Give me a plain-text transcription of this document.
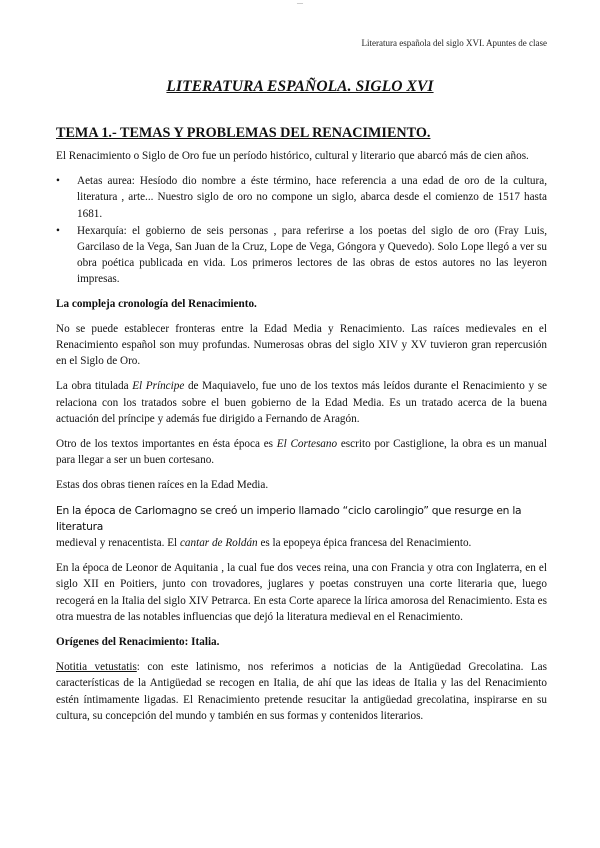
—
Literatura española del siglo XVI. Apuntes de clase
LITERATURA ESPAÑOLA. SIGLO XVI
TEMA 1.- TEMAS Y PROBLEMAS DEL RENACIMIENTO.

El Renacimiento o Siglo de Oro fue un período histórico, cultural y literario que abarcó más de cien años.

• Aetas aurea: Hesíodo dio nombre a éste término, hace referencia a una edad de oro de la cultura, literatura , arte... Nuestro siglo de oro no compone un siglo, abarca desde el comienzo de 1517 hasta 1681.
• Hexarquía: el gobierno de seis personas , para referirse a los poetas del siglo de oro (Fray Luis, Garcilaso de la Vega, San Juan de la Cruz, Lope de Vega, Góngora y Quevedo). Solo Lope llegó a ver su obra poética publicada en vida. Los primeros lectores de las obras de estos autores no las leyeron impresas.

La compleja cronología del Renacimiento.

No se puede establecer fronteras entre la Edad Media y Renacimiento. Las raíces medievales en el Renacimiento español son muy profundas. Numerosas obras del siglo XIV y XV tuvieron gran repercusión en el Siglo de Oro.

La obra titulada El Príncipe de Maquiavelo, fue uno de los textos más leídos durante el Renacimiento y se relaciona con los tratados sobre el buen gobierno de la Edad Media. Es un tratado acerca de la buena actuación del príncipe y además fue dirigido a Fernando de Aragón.

Otro de los textos importantes en ésta época es El Cortesano escrito por Castiglione, la obra es un manual para llegar a ser un buen cortesano.

Estas dos obras tienen raíces en la Edad Media.

En la época de Carlomagno se creó un imperio llamado “ciclo carolingio” que resurge en la literatura
medieval y renacentista. El cantar de Roldán es la epopeya épica francesa del Renacimiento.

En la época de Leonor de Aquitania , la cual fue dos veces reina, una con Francia y otra con Inglaterra, en el siglo XII en Poitiers, junto con trovadores, juglares y poetas construyen una corte literaria que, luego recogerá en la Italia del siglo XIV Petrarca. En esta Corte aparece la lírica amorosa del Renacimiento. Esta es otra muestra de las notables influencias que dejó la literatura medieval en el Renacimiento.

Orígenes del Renacimiento: Italia.

Notitia vetustatis: con este latinismo, nos referimos a noticias de la Antigüedad Grecolatina. Las características de la Antigüedad se recogen en Italia, de ahí que las ideas de Italia y las del Renacimiento estén íntimamente ligadas. El Renacimiento pretende resucitar la antigüedad grecolatina, inspirarse en su cultura, su concepción del mundo y también en sus formas y contenidos literarios.
